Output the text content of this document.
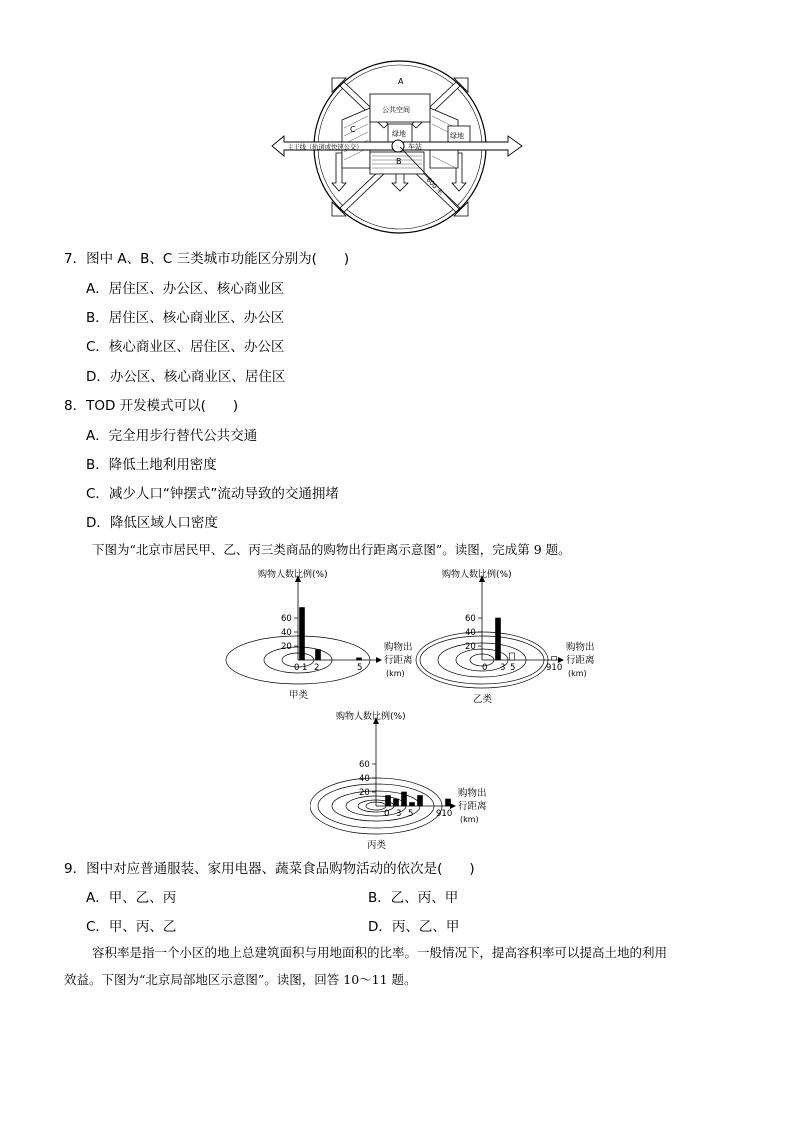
A
B
C
公共空间
绿地	绿地
主干线（轨道或快速公交）	车站
600 米
7．图中 A、B、C 三类城市功能区分别为(　　)
A．居住区、办公区、核心商业区
B．居住区、核心商业区、办公区
C．核心商业区、居住区、办公区
D．办公区、核心商业区、居住区
8．TOD 开发模式可以(　　)
A．完全用步行替代公共交通
B．降低土地利用密度
C．减少人口“钟摆式”流动导致的交通拥堵
D．降低区域人口密度
下图为“北京市居民甲、乙、丙三类商品的购物出行距离示意图”。读图，完成第 9 题。
20
40
60
0 1 2	5
购物人数比例(%)
购物出
行距离
(km)
甲类
20
40
60
0 3 5	910
购物人数比例(%)
购物出
行距离
(km)
乙类
20
40
60
0 3 5	910
购物人数比例(%)
购物出
行距离
(km)
丙类
9．图中对应普通服装、家用电器、蔬菜食品购物活动的依次是(　　)
A．甲、乙、丙	B．乙、丙、甲
C．甲、丙、乙	D．丙、乙、甲
容积率是指一个小区的地上总建筑面积与用地面积的比率。一般情况下，提高容积率可以提高土地的利用
效益。下图为“北京局部地区示意图”。读图，回答 10～11 题。
